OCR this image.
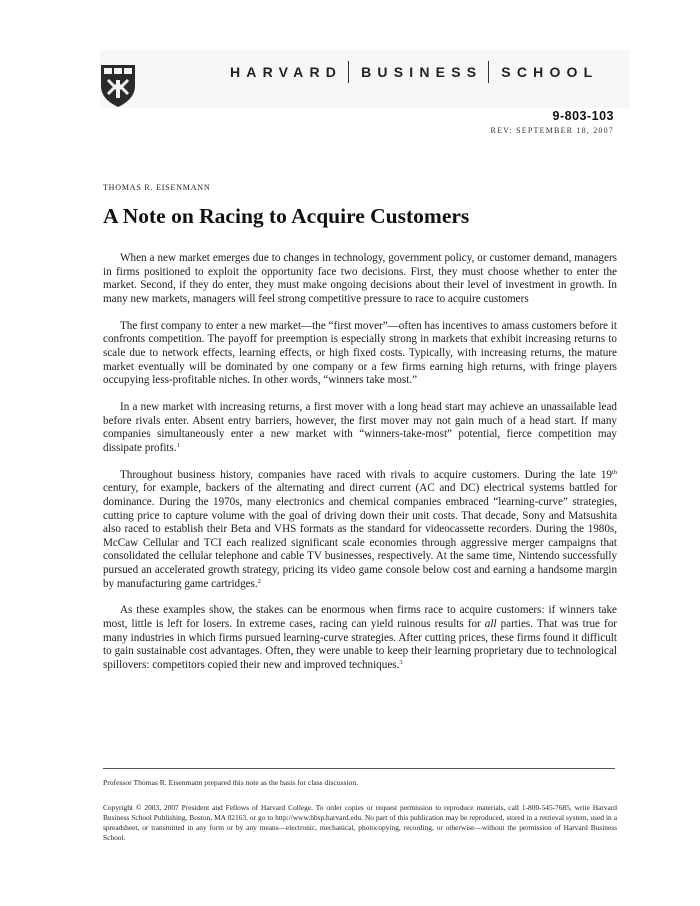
HARVARD BUSINESS SCHOOL
9-803-103
REV: SEPTEMBER 18, 2007
THOMAS R. EISENMANN
A Note on Racing to Acquire Customers

When a new market emerges due to changes in technology, government policy, or customer demand, managers in firms positioned to exploit the opportunity face two decisions. First, they must choose whether to enter the market. Second, if they do enter, they must make ongoing decisions about their level of investment in growth. In many new markets, managers will feel strong competitive pressure to race to acquire customers

The first company to enter a new market—the “first mover”—often has incentives to amass customers before it confronts competition. The payoff for preemption is especially strong in markets that exhibit increasing returns to scale due to network effects, learning effects, or high fixed costs. Typically, with increasing returns, the mature market eventually will be dominated by one company or a few firms earning high returns, with fringe players occupying less-profitable niches. In other words, “winners take most.”

In a new market with increasing returns, a first mover with a long head start may achieve an unassailable lead before rivals enter. Absent entry barriers, however, the first mover may not gain much of a head start. If many companies simultaneously enter a new market with “winners-take-most” potential, fierce competition may dissipate profits.$^1$

Throughout business history, companies have raced with rivals to acquire customers. During the late 19th century, for example, backers of the alternating and direct current (AC and DC) electrical systems battled for dominance. During the 1970s, many electronics and chemical companies embraced “learning-curve” strategies, cutting price to capture volume with the goal of driving down their unit costs. That decade, Sony and Matsushita also raced to establish their Beta and VHS formats as the standard for videocassette recorders. During the 1980s, McCaw Cellular and TCI each realized significant scale economies through aggressive merger campaigns that consolidated the cellular telephone and cable TV businesses, respectively. At the same time, Nintendo successfully pursued an accelerated growth strategy, pricing its video game console below cost and earning a handsome margin by manufacturing game cartridges.$^2$

As these examples show, the stakes can be enormous when firms race to acquire customers: if winners take most, little is left for losers. In extreme cases, racing can yield ruinous results for all parties. That was true for many industries in which firms pursued learning-curve strategies. After cutting prices, these firms found it difficult to gain sustainable cost advantages. Often, they were unable to keep their learning proprietary due to technological spillovers: competitors copied their new and improved techniques.$^3$

Professor Thomas R. Eisenmann prepared this note as the basis for class discussion.
Copyright © 2003, 2007 President and Fellows of Harvard College. To order copies or request permission to reproduce materials, call 1-800-545-7685, write Harvard Business School Publishing, Boston, MA 02163, or go to http://www.hbsp.harvard.edu. No part of this publication may be reproduced, stored in a retrieval system, used in a spreadsheet, or transmitted in any form or by any means—electronic, mechanical, photocopying, recording, or otherwise—without the permission of Harvard Business School.
